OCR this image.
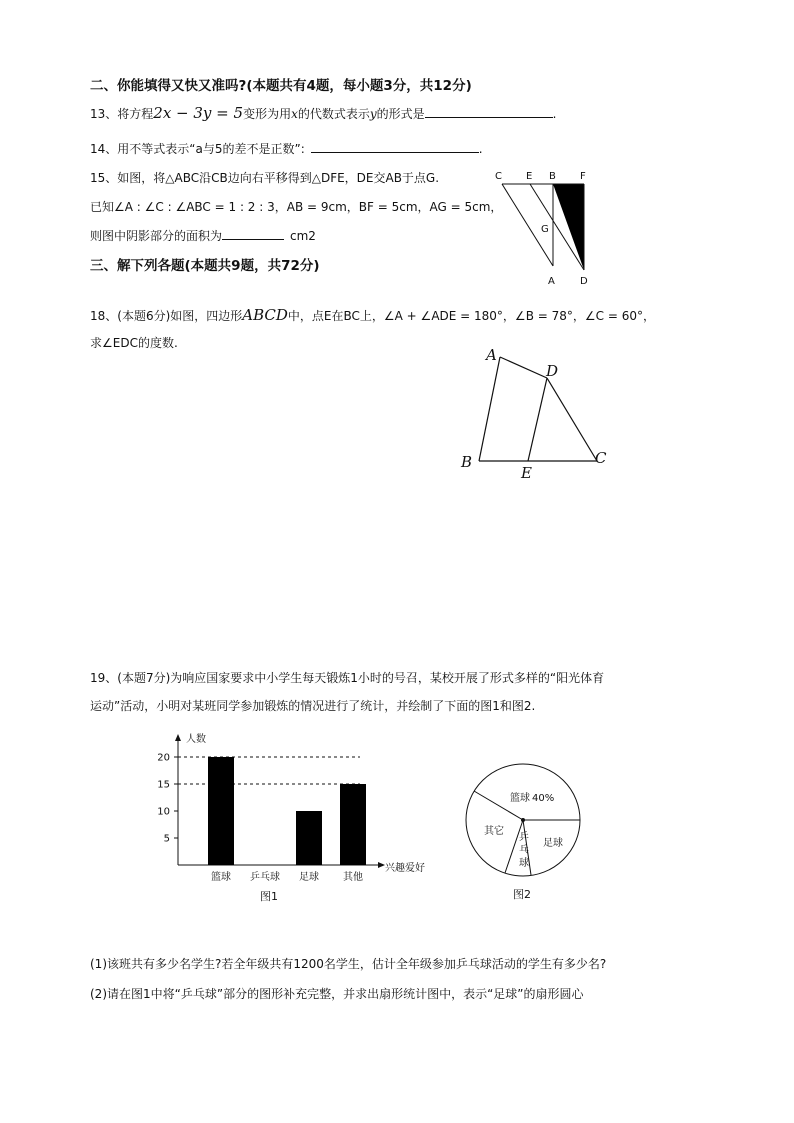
二、你能填得又快又准吗?(本题共有4题，每小题3分，共12分)
13、将方程2x − 3y = 5变形为用x的代数式表示y的形式是	.
14、用不等式表示“a与5的差不是正数”:	.
15、如图，将△ABC沿CB边向右平移得到△DFE，DE交AB于点G.
已知∠A : ∠C : ∠ABC = 1 : 2 : 3，AB = 9cm，BF = 5cm，AG = 5cm，
则图中阴影部分的面积为	cm2
C E B F
G
A	D
三、解下列各题(本题共9题，共72分)
18、(本题6分)如图，四边形ABCD中，点E在BC上，∠A + ∠ADE = 180°，∠B = 78°，∠C = 60°，
求∠EDC的度数.
A
D
B
E
C
19、(本题7分)为响应国家要求中小学生每天锻炼1小时的号召，某校开展了形式多样的“阳光体育
运动”活动，小明对某班同学参加锻炼的情况进行了统计，并绘制了下面的图1和图2.
人数
兴趣爱好
5
10
15
20
篮球 乒乓球 足球 其他
图1
篮球 40%
其它
足球
乒 乓 球
图2
(1)该班共有多少名学生?若全年级共有1200名学生，估计全年级参加乒乓球活动的学生有多少名?
(2)请在图1中将“乒乓球”部分的图形补充完整，并求出扇形统计图中，表示“足球”的扇形圆心
